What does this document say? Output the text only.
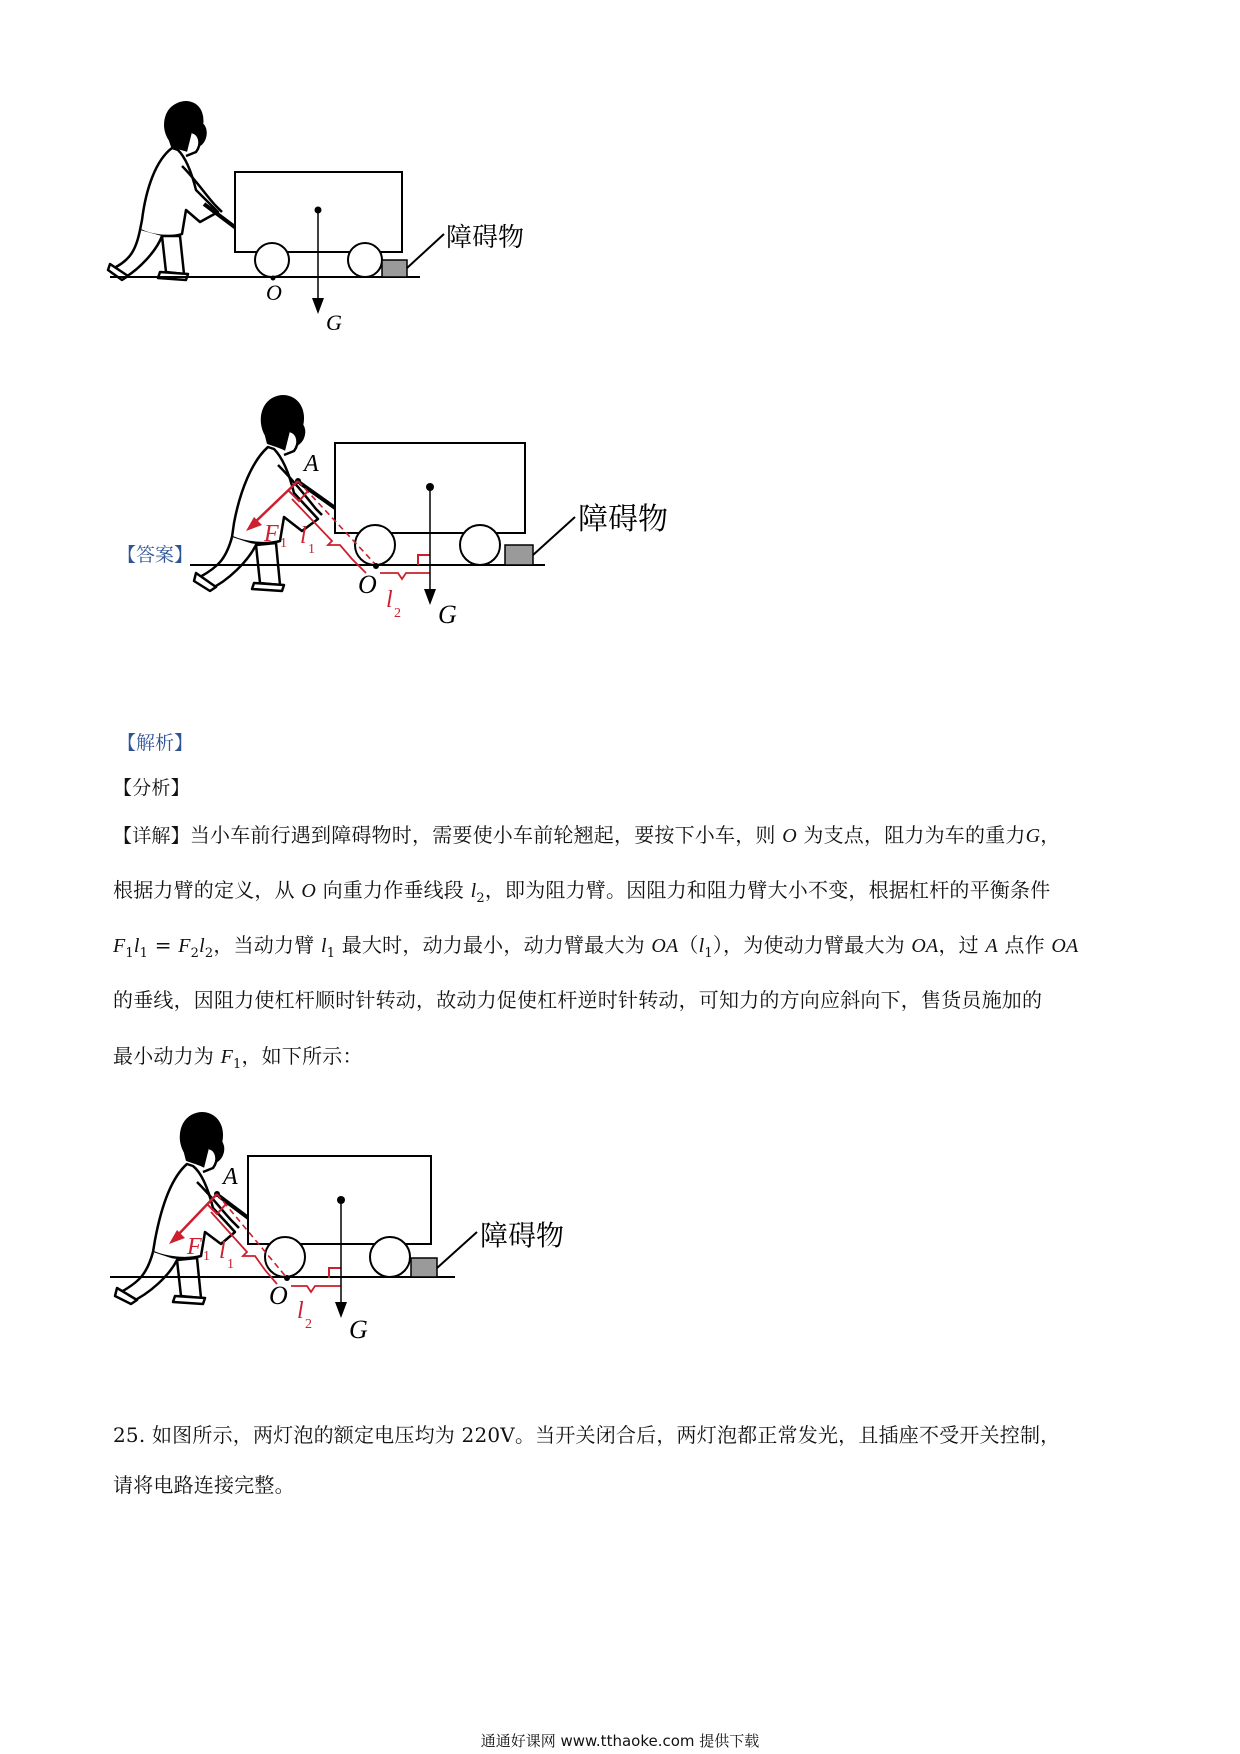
障碍物
O
G
【答案】
障碍物
A
O
G
F 1 l
1
l
2
【解析】
【分析】
【详解】当小车前行遇到障碍物时，需要使小车前轮翘起，要按下小车，则 O 为支点，阻力为车的重力G，
根据力臂的定义，从 O 向重力作垂线段 $l_2$，即为阻力臂。因阻力和阻力臂大小不变，根据杠杆的平衡条件
$F_1l_1 = F_2l_2$，当动力臂 $l_1$ 最大时，动力最小，动力臂最大为 $OA(l_1)$，为使动力臂最大为 OA，过 A 点作 OA
的垂线，因阻力使杠杆顺时针转动，故动力促使杠杆逆时针转动，可知力的方向应斜向下，售货员施加的
最小动力为 $F_1$，如下所示：
障碍物
A
O
G
F 1 l
1
l
2
25. 如图所示，两灯泡的额定电压均为 220V。当开关闭合后，两灯泡都正常发光，且插座不受开关控制，
请将电路连接完整。
通通好课网 www.tthaoke.com 提供下载
